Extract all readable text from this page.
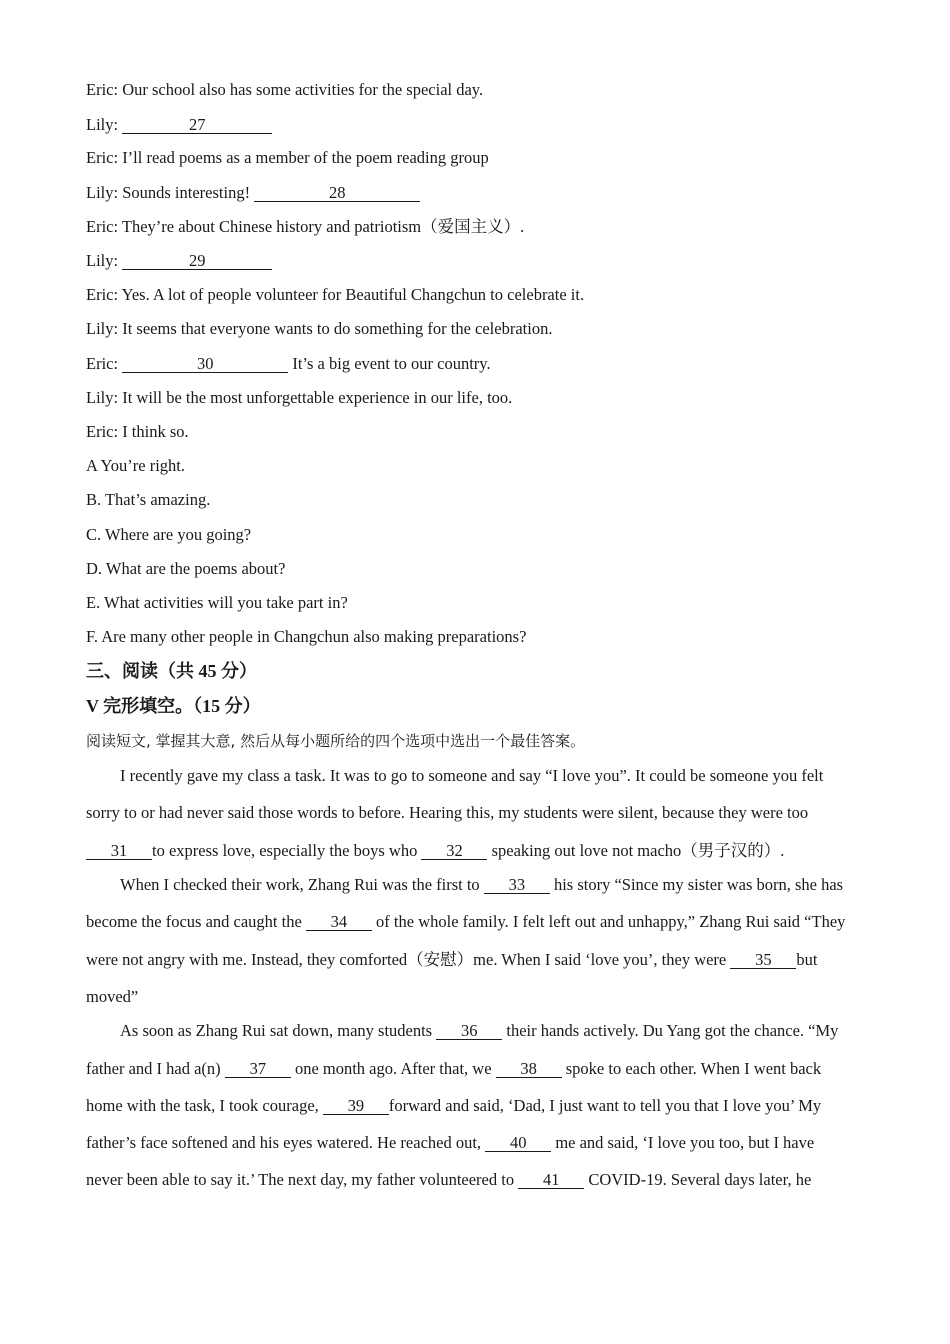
Eric: Our school also has some activities for the special day.
Lily:	27
Eric: I’ll read poems as a member of the poem reading group
Lily: Sounds interesting!	28
Eric: They’re about Chinese history and patriotism（爱国主义）.
Lily:	29
Eric: Yes. A lot of people volunteer for Beautiful Changchun to celebrate it.
Lily: It seems that everyone wants to do something for the celebration.
Eric:	30	It’s a big event to our country.
Lily: It will be the most unforgettable experience in our life, too.
Eric: I think so.
A You’re right.
B. That’s amazing.
C. Where are you going?
D. What are the poems about?
E. What activities will you take part in?
F. Are many other people in Changchun also making preparations?
三、阅读（共 45 分）
V 完形填空。（15 分）
阅读短文, 掌握其大意, 然后从每小题所给的四个选项中选出一个最佳答案。
I recently gave my class a task. It was to go to someone and say “I love you”. It could be someone you felt
sorry to or had never said those words to before. Hearing this, my students were silent, because they were too
31 to express love, especially the boys who 32 speaking out love not macho（男子汉的）.
When I checked their work, Zhang Rui was the first to 33 his story “Since my sister was born, she has
become the focus and caught the 34 of the whole family. I felt left out and unhappy,” Zhang Rui said “They
were not angry with me. Instead, they comforted（安慰）me. When I said ‘love you’, they were 35 but
moved”
As soon as Zhang Rui sat down, many students 36 their hands actively. Du Yang got the chance. “My
father and I had a(n) 37 one month ago. After that, we 38 spoke to each other. When I went back
home with the task, I took courage, 39 forward and said, ‘Dad, I just want to tell you that I love you’ My
father’s face softened and his eyes watered. He reached out, 40 me and said, ‘I love you too, but I have
never been able to say it.’ The next day, my father volunteered to 41 COVID-19. Several days later, he
